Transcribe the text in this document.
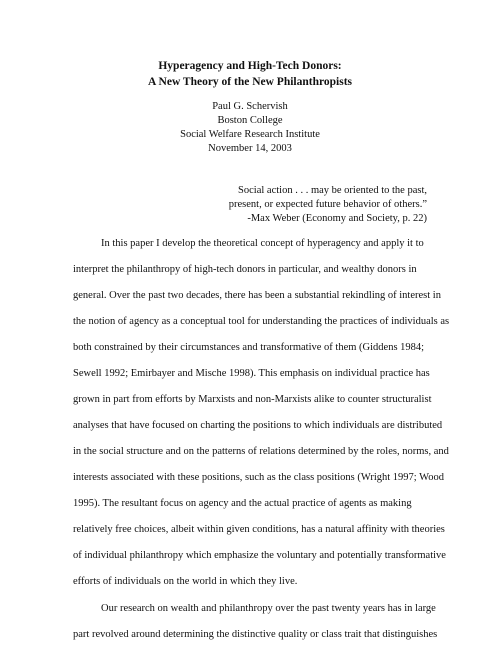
Hyperagency and High-Tech Donors:
A New Theory of the New Philanthropists
Paul G. Schervish
Boston College
Social Welfare Research Institute
November 14, 2003
Social action . . . may be oriented to the past,
present, or expected future behavior of others.”
-Max Weber (Economy and Society, p. 22)
In this paper I develop the theoretical concept of hyperagency and apply it to
interpret the philanthropy of high-tech donors in particular, and wealthy donors in
general. Over the past two decades, there has been a substantial rekindling of interest in
the notion of agency as a conceptual tool for understanding the practices of individuals as
both constrained by their circumstances and transformative of them (Giddens 1984;
Sewell 1992; Emirbayer and Mische 1998). This emphasis on individual practice has
grown in part from efforts by Marxists and non-Marxists alike to counter structuralist
analyses that have focused on charting the positions to which individuals are distributed
in the social structure and on the patterns of relations determined by the roles, norms, and
interests associated with these positions, such as the class positions (Wright 1997; Wood
1995). The resultant focus on agency and the actual practice of agents as making
relatively free choices, albeit within given conditions, has a natural affinity with theories
of individual philanthropy which emphasize the voluntary and potentially transformative
efforts of individuals on the world in which they live.
Our research on wealth and philanthropy over the past twenty years has in large
part revolved around determining the distinctive quality or class trait that distinguishes
